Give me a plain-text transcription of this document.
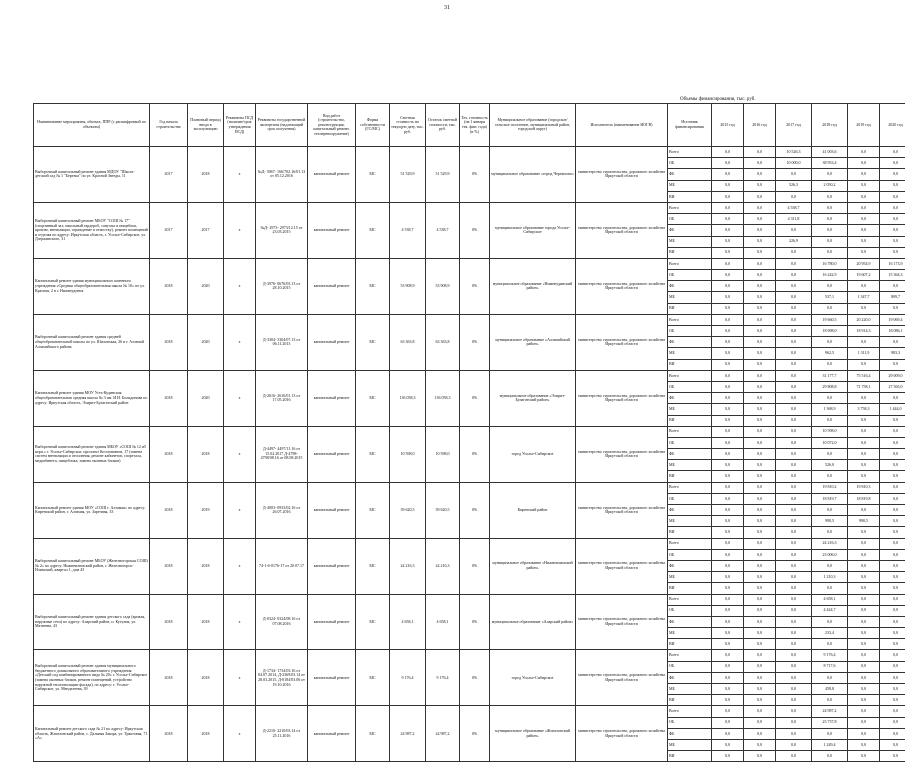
31
Объемы финансирования, тыс. руб.
Наименование мероприятия, объекта, ППР (с расшифровкой по объектам)	Год начала строительства	Плановый период ввода в эксплуатацию	Реквизиты ПСД (наличие/срок утверждения ПСД)	Реквизиты государственной экспертизы (надлежащий срок получения)	Вид работ (строительство, реконструкция, капитальный ремонт, техперевооружение)	Форма собственности (ГС/МС)	Сметная стоимость на текущую дату, тыс. руб.	Остаток сметной стоимости, тыс. руб.	Тех. готовность (на 1 января тек. фин. года) (в %)	Муниципальное образование (городское/сельское поселение, муниципальный район, городской округ)	Исполнитель (наименование ИОГВ)	Источник финансирования	2015 год	2016 год	2017 год	2018 год	2019 год	2020 год
Выборочный капитальный ремонт здания МДОУ "Школа-детский сад № 1 "Березка" по ул. Красной Звезды, 11	2017	2018	х	№Д- 3967- 166/702.16/01.13 от 05.12.2016	капитальный ремонт	МС	51 529,9	51 529,9	0%	муниципальное образование «город Черемхово»	министерство строительства, дорожного хозяйства Иркутской области	Всего	0,0	0,0	10 526,3	41 003,6	0,0	0,0
												ОБ	0,0	0,0	10 000,0	38 953,4	0,0	0,0
												ФБ	0,0	0,0	0,0	0,0	0,0	0,0
												МБ	0,0	0,0	526,3	2 050,2	0,0	0,0
												ВИ	0,0	0,0	0,0	0,0	0,0	0,0
Выборочный капитальный ремонт МБОУ "СОШ № 17" (спортивный зал, школьный гардероб, санузлы и пищеблок, кровлю, вентиляции, ограждение и отмостку), ремонт помещений и отделка по адресу: Иркутская область, г. Усолье-Сибирское, ул. Дзержинского, 31	2017	2017	х	№Д- 2973- 2973/12.15 от 23.03.2015	капитальный ремонт	МС	4 538,7	4 538,7	0%	муниципальное образование города Усолье-Сибирское	министерство строительства, дорожного хозяйства Иркутской области	Всего	0,0	0,0	4 538,7	0,0	0,0	0,0
												ОБ	0,0	0,0	4 311,8	0,0	0,0	0,0
												ФБ	0,0	0,0	0,0	0,0	0,0	0,0
												МБ	0,0	0,0	226,9	0,0	0,0	0,0
												ВИ	0,0	0,0	0,0	0,0	0,0	0,0
Капитальный ремонт здания муниципального казенного учреждения «Средняя общеобразовательная школа № 10» по ул. Красная, 2 в г. Нижнеудинск	2018	2020	х	Д-3976- 0676/03.13 от 28.10.2015	капитальный ремонт	МС	53 908,9	53 908,9	0%	муниципальное образование «Нижнеудинский район»	министерство строительства, дорожного хозяйства Иркутской области	Всего	0,0	0,0	0,0	16 780,0	20 954,9	16 173,9
												ОБ	0,0	0,0	0,0	16 242,9	19 607,2	15 364,3
												ФБ	0,0	0,0	0,0	0,0	0,0	0,0
												МБ	0,0	0,0	0,0	537,1	1 347,7	809,7
												ВИ	0,0	0,0	0,0	0,0	0,0	0,0
Выборочный капитальный ремонт здания средней общеобразовательной школы по ул. Шиловская, 26 в г. Алзамай Алзамайского района	2018	2020	х	Д-3304- 3304/07.13 от 06.11.2013	капитальный ремонт	МС	63 363,8	63 363,8	0%	муниципальное образование «Алзамайский район»	министерство строительства, дорожного хозяйства Иркутской области	Всего	0,0	0,0	0,0	19 660,5	20 220,0	19 069,4
												ОБ	0,0	0,0	0,0	18 698,0	18 914,3	18 086,1
												ФБ	0,0	0,0	0,0	0,0	0,0	0,0
												МБ	0,0	0,0	0,0	962,5	1 311,9	983,3
												ВИ	0,0	0,0	0,0	0,0	0,0	0,0
Капитальный ремонт здания МОУ Усть-Кудинская общеобразовательная средняя школа № 3 им. И.Н. Бильдинова по адресу: Иркутская область, Эхирит-Булагатский район	2018	2020	х	Д-2616- 2616/01.13 от 17.05.2016	капитальный ремонт	МС	136 058,3	136 058,3	0%	муниципальное образование «Эхирит-Булагатский район»	министерство строительства, дорожного хозяйства Иркутской области	Всего	0,0	0,0	0,0	31 177,7	75 516,4	29 009,0
												ОБ	0,0	0,0	0,0	29 808,8	71 758,1	27 565,0
												ФБ	0,0	0,0	0,0	0,0	0,0	0,0
												МБ	0,0	0,0	0,0	1 368,9	3 758,3	1 444,0
												ВИ	0,0	0,0	0,0	0,0	0,0	0,0
Выборочный капитальный ремонт здания МБОУ «СОШ № 12 и5 корп.» г. Усолье-Сибирское, проспект Космонавтов, 17 (замена систем вентиляции и отопления, ремонт кабинетов, спортзала, медкабинета, пищеблока, замена оконных блоков)	2018	2018	х	Д-4497- 4497/11.16 от 15.02.2017 Д-4798- 4798/08.16 от 08.08.2015	капитальный ремонт	МС	10 598,0	10 598,0	0%	город Усолье-Сибирское	министерство строительства, дорожного хозяйства Иркутской области	Всего	0,0	0,0	0,0	10 598,0	0,0	0,0
												ОБ	0,0	0,0	0,0	10 072,0	0,0	0,0
												ФБ	0,0	0,0	0,0	0,0	0,0	0,0
												МБ	0,0	0,0	0,0	526,0	0,0	0,0
												ВИ	0,0	0,0	0,0	0,0	0,0	0,0
Капитальный ремонт здания МОУ «СОШ г. Алзамая» по адресу: Киренский район, г. Алзамая, ул. Заречная, 33	2018	2019	х	Д-4003- 0933/02.16 от 26.07.2016	капитальный ремонт	МС	39 620,5	39 620,5	0%	Киренский район	министерство строительства, дорожного хозяйства Иркутской области	Всего	0,0	0,0	0,0	19 810,2	19 810,3	0,0
												ОБ	0,0	0,0	0,0	18 819,7	18 819,8	0,0
												ФБ	0,0	0,0	0,0	0,0	0,0	0,0
												МБ	0,0	0,0	0,0	990,5	990,5	0,0
												ВИ	0,0	0,0	0,0	0,0	0,0	0,0
Выборочный капитальный ремонт МБОУ (Железногорская СОШ) № 2» по адресу: Нижнеилимский район, г. Железногорск-Илимский, квартал 1, дом 43	2018	2018	х	74-1-6-0176-17 от 20.07.17	капитальный ремонт	МС	24 216,3	24 216,3	0%	муниципальное образование «Нижнеилимский район»	министерство строительства, дорожного хозяйства Иркутской области	Всего	0,0	0,0	0,0	24 216,3	0,0	0,0
												ОБ	0,0	0,0	0,0	23 006,0	0,0	0,0
												ФБ	0,0	0,0	0,0	0,0	0,0	0,0
												МБ	0,0	0,0	0,0	1 210,3	0,0	0,0
												ВИ	0,0	0,0	0,0	0,0	0,0	0,0
Выборочный капитальный ремонт здания детского сада (кровля, наружные сети) по адресу: Аларский район, п. Кутулик, ул. Матвеева, 43	2018	2018	х	Д-0324- 0324/08.16 от 07.08.2016	капитальный ремонт	МС	4 658,1	4 658,1	0%	муниципальное образование «Аларский район»	министерство строительства, дорожного хозяйства Иркутской области	Всего	0,0	0,0	0,0	4 658,1	0,0	0,0
												ОБ	0,0	0,0	0,0	4 424,7	0,0	0,0
												ФБ	0,0	0,0	0,0	0,0	0,0	0,0
												МБ	0,0	0,0	0,0	233,4	0,0	0,0
												ВИ	0,0	0,0	0,0	0,0	0,0	0,0
Выборочный капитальный ремонт здания муниципального бюджетного дошкольного образовательного учреждения «Детский сад комбинированного вида № 20» г. Усолье-Сибирское (замена оконных блоков, ремонт помещений, устройство наружной теплоизоляции фасада), по адресу: г. Усолье-Сибирское, ул. Менделеева, 39	2018	2018	х	Д-1734- 1734/03.16 от 04.07.2014, Д-2369/03.14 от 28.03.2015, Д-8184/03.06 от 19.10.2016	капитальный ремонт	МС	9 176,4	9 176,4	0%	город Усолье-Сибирское	министерство строительства, дорожного хозяйства Иркутской области	Всего	0,0	0,0	0,0	9 176,4	0,0	0,0
												ОБ	0,0	0,0	0,0	8 717,6	0,0	0,0
												ФБ	0,0	0,0	0,0	0,0	0,0	0,0
												МБ	0,0	0,0	0,0	458,8	0,0	0,0
												ВИ	0,0	0,0	0,0	0,0	0,0	0,0
Капитальный ремонт детского сада № 21 по адресу: Иркутская область, Жигаловский район, с. Дальняя Закора, ул. Трактовая, 71 «А»	2018	2018	х	Д-2210- 2210/03.14 от 25.11.2016	капитальный ремонт	МС	24 987,2	24 987,2	0%	муниципальное образование «Жигаловский район»	министерство строительства, дорожного хозяйства Иркутской области	Всего	0,0	0,0	0,0	24 987,2	0,0	0,0
												ОБ	0,0	0,0	0,0	23 737,8	0,0	0,0
												ФБ	0,0	0,0	0,0	0,0	0,0	0,0
												МБ	0,0	0,0	0,0	1 249,4	0,0	0,0
												ВИ	0,0	0,0	0,0	0,0	0,0	0,0
